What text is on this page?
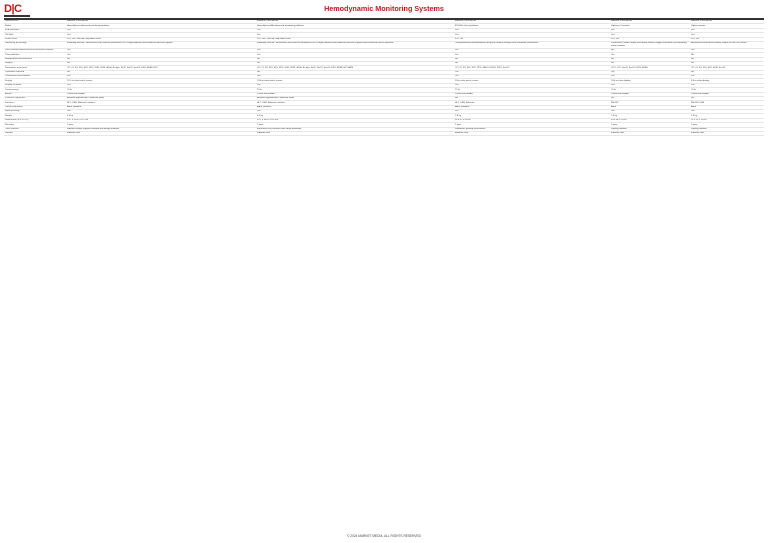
D|C	Hemodynamic Monitoring Systems
Manufacturer	Edwards Lifesciences	Edwards Lifesciences	Edwards Lifesciences	Edwards Lifesciences	Edwards Lifesciences
Model	HemoSphere advanced monitoring platform	HemoSphere Alta advanced monitoring platform	EV1000 clinical platform	Vigilance II monitor	Vigileo monitor
FDA clearance	Yes	Yes	Yes	Yes	Yes
CE Mark	Yes	Yes	Yes	Yes	Yes
Where used	ICU, OR, cath lab, step-down units	ICU, OR, cath lab, step-down units	ICU, OR	ICU, OR	ICU, OR
Monitoring technology	Minimally invasive, noninvasive and invasive parameters on a single platform with predictive decision support	Minimally invasive, noninvasive and invasive parameters on a single platform with predictive decision support and enhanced clinical workflow	Transpulmonary thermodilution and pulse contour analysis with volumetric parameters	Continuous cardiac output and mixed venous oxygen saturation via pulmonary artery catheter	Arterial pressure-based cardiac output via FloTrac sensor
Pulse contour/arterial pressure waveform analysis	Yes	Yes	Yes	No	Yes
Thermodilution	Yes	Yes	Yes	Yes	No
Bioimpedance/bioreactance	No	No	No	No	No
Doppler	No	No	No	No	No
Parameters measured	CO, CI, SV, SVI, SVV, PPV, SVR, SVRI, dP/dt, Ea dyn, StO2, SvO2, ScvO2, EDV, RVEF, HPI	CO, CI, SV, SVI, SVV, PPV, SVR, SVRI, dP/dt, Ea dyn, StO2, SvO2, ScvO2, EDV, RVEF, HPI, AFM	CO, CI, SV, SVI, SVV, PPV, GEDV, EVLW, PVPI, ScvO2	CCO, CCI, SvO2, ScvO2, EDV, RVEF	CO, CI, SV, SVI, SVV, SVR, ScvO2
Calibration required	No	No	Yes	Yes	No
Continuous measurement	Yes	Yes	Yes	Yes	Yes
Display	12.1-in color touch screen	15.6-in color touch screen	19-in color touch screen	10.4-in color display	6.5-in color display
Display of trends	Yes	Yes	Yes	Yes	Yes
Trend storage	72 hr	72 hr	72 hr	72 hr	72 hr
Alarms	Visual and audible	Visual and audible	Visual and audible	Visual and audible	Visual and audible
Predictive algorithms	Acumen Hypotension Prediction Index	Acumen Hypotension Prediction Index	No	No	No
Interfaces	HL7, USB, Ethernet, wireless	HL7, USB, Ethernet, wireless	HL7, USB, Ethernet	RS-232	RS-232, USB
Patient population	Adult, pediatric	Adult, pediatric	Adult, pediatric	Adult	Adult
Battery backup	Yes	Yes	Yes	Yes	Yes
Weight	4.5 kg	5.2 kg	7.8 kg	7.3 kg	2.3 kg
Dimensions (H x W x D)	29.7 x 31.8 x 13.2 cm	32.1 x 38.9 x 14.5 cm	36 x 47 x 20 cm	34 x 39 x 23 cm	21 x 21 x 13 cm
Warranty	1 year	1 year	1 year	1 year	1 year
Other features	Modular design supports multiple technology modules	Enhanced user interface with smart workflows	Volumetric preload assessment	Legacy platform	Legacy platform
Website	edwards.com	edwards.com	edwards.com	edwards.com	edwards.com
© 2024 MARKET MEDIA. ALL RIGHTS RESERVED
